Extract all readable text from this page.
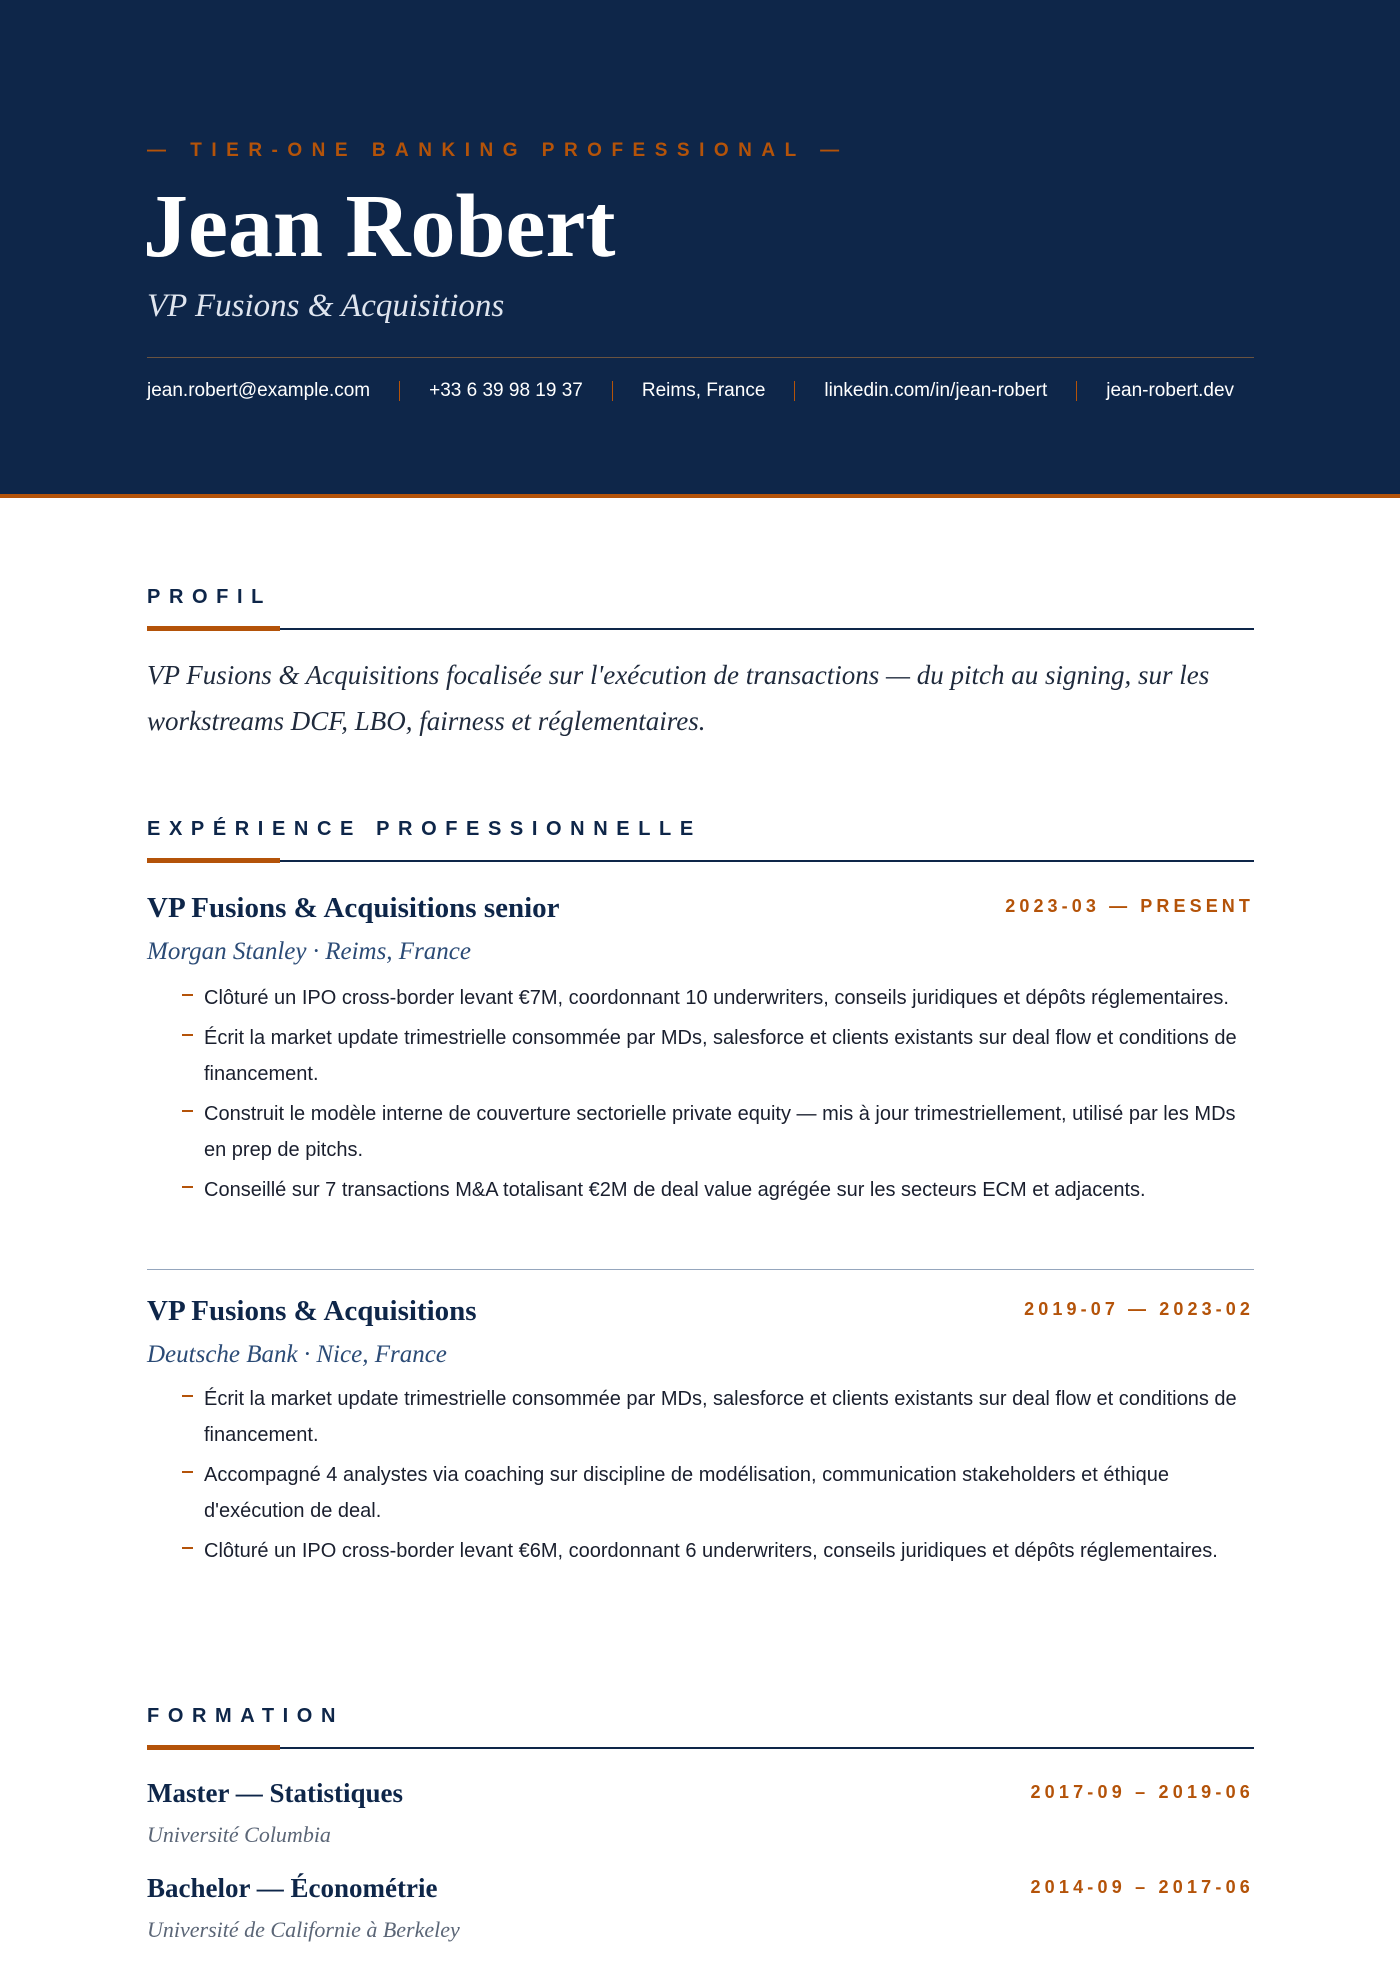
— TIER-ONE BANKING PROFESSIONAL —
Jean Robert
VP Fusions & Acquisitions
jean.robert@example.com	+33 6 39 98 19 37	Reims, France	linkedin.com/in/jean-robert	jean-robert.dev
PROFIL
VP Fusions & Acquisitions focalisée sur l'exécution de transactions — du pitch au signing, sur les workstreams DCF, LBO, fairness et réglementaires.
EXPÉRIENCE PROFESSIONNELLE
VP Fusions & Acquisitions senior	2023-03 — PRESENT
Morgan Stanley · Reims, France
Clôturé un IPO cross-border levant €7M, coordonnant 10 underwriters, conseils juridiques et dépôts réglementaires.
Écrit la market update trimestrielle consommée par MDs, salesforce et clients existants sur deal flow et conditions de financement.
Construit le modèle interne de couverture sectorielle private equity — mis à jour trimestriellement, utilisé par les MDs en prep de pitchs.
Conseillé sur 7 transactions M&A totalisant €2M de deal value agrégée sur les secteurs ECM et adjacents.
VP Fusions & Acquisitions	2019-07 — 2023-02
Deutsche Bank · Nice, France
Écrit la market update trimestrielle consommée par MDs, salesforce et clients existants sur deal flow et conditions de financement.
Accompagné 4 analystes via coaching sur discipline de modélisation, communication stakeholders et éthique d'exécution de deal.
Clôturé un IPO cross-border levant €6M, coordonnant 6 underwriters, conseils juridiques et dépôts réglementaires.
FORMATION
Master — Statistiques	2017-09 – 2019-06
Université Columbia
Bachelor — Économétrie	2014-09 – 2017-06
Université de Californie à Berkeley
